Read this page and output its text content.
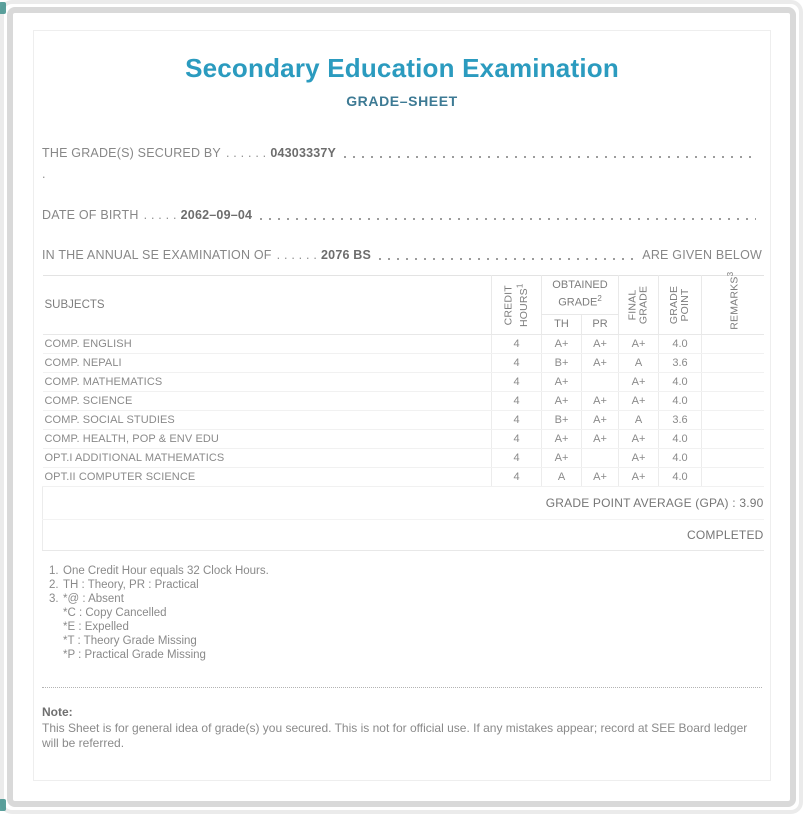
Secondary Education Examination
GRADE–SHEET
THE GRADE(S) SECURED BY . . . . . . 04303337Y
.
DATE OF BIRTH . . . . . 2062–09–04
IN THE ANNUAL SE EXAMINATION OF . . . . . . 2076 BS	ARE GIVEN BELOW
SUBJECTS	CREDIT HOURS$^1$	OBTAINED GRADE$^2$		FINAL GRADE	GRADE POINT	REMARKS$^3$

		TH	PR			
COMP. ENGLISH	4	A+	A+	A+	4.0	
COMP. NEPALI	4	B+	A+	A	3.6	
COMP. MATHEMATICS	4	A+		A+	4.0	
COMP. SCIENCE	4	A+	A+	A+	4.0	
COMP. SOCIAL STUDIES	4	B+	A+	A	3.6	
COMP. HEALTH, POP & ENV EDU	4	A+	A+	A+	4.0	
OPT.I ADDITIONAL MATHEMATICS	4	A+		A+	4.0	
OPT.II COMPUTER SCIENCE	4	A	A+	A+	4.0	
GRADE POINT AVERAGE (GPA) : 3.90						
COMPLETED						
1. One Credit Hour equals 32 Clock Hours.
2. TH : Theory, PR : Practical
3. *@ : Absent
*C : Copy Cancelled
*E : Expelled
*T : Theory Grade Missing
*P : Practical Grade Missing
Note:
This Sheet is for general idea of grade(s) you secured. This is not for official use. If any mistakes appear; record at SEE Board ledger will be referred.
